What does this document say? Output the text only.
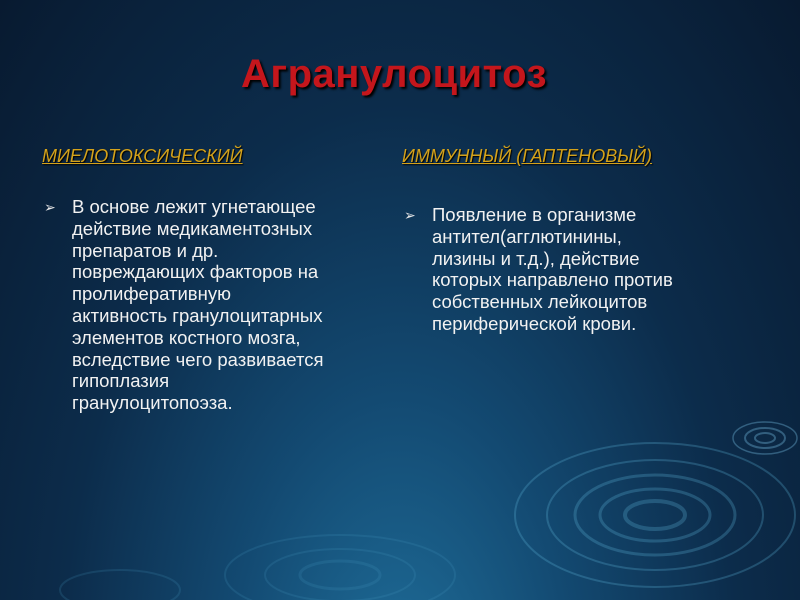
Агранулоцитоз
МИЕЛОТОКСИЧЕСКИЙ	ИММУННЫЙ (ГАПТЕНОВЫЙ)
➢ В основе лежит угнетающее
действие медикаментозных
препаратов и др.
повреждающих факторов на
пролиферативную
активность гранулоцитарных
элементов костного мозга,
вследствие чего развивается
гипоплазия
гранулоцитопоэза.
➢ Появление в организме
антител(агглютинины,
лизины и т.д.), действие
которых направлено против
собственных лейкоцитов
периферической крови.
